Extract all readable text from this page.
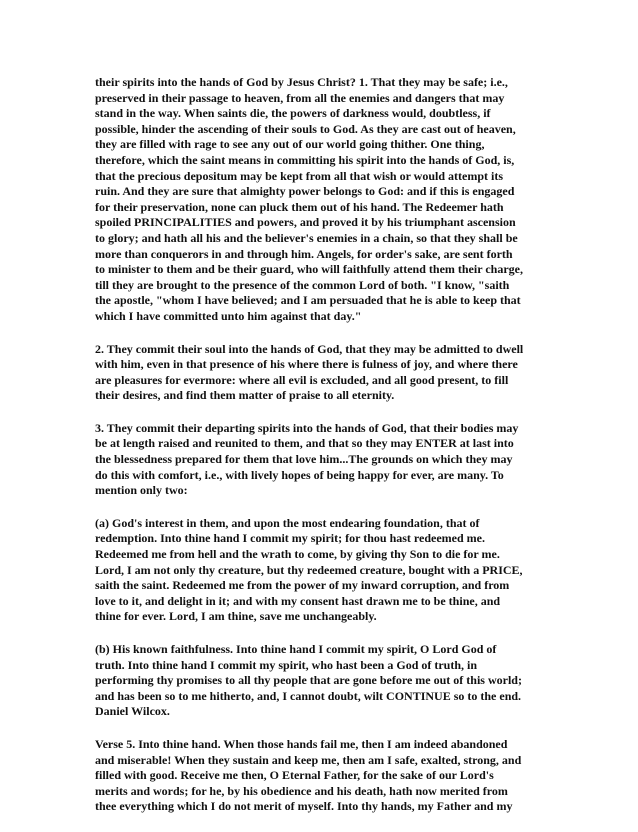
their spirits into the hands of God by Jesus Christ? 1. That they may be safe; i.e.,
preserved in their passage to heaven, from all the enemies and dangers that may
stand in the way. When saints die, the powers of darkness would, doubtless, if
possible, hinder the ascending of their souls to God. As they are cast out of heaven,
they are filled with rage to see any out of our world going thither. One thing,
therefore, which the saint means in committing his spirit into the hands of God, is,
that the precious depositum may be kept from all that wish or would attempt its
ruin. And they are sure that almighty power belongs to God: and if this is engaged
for their preservation, none can pluck them out of his hand. The Redeemer hath
spoiled PRINCIPALITIES and powers, and proved it by his triumphant ascension
to glory; and hath all his and the believer's enemies in a chain, so that they shall be
more than conquerors in and through him. Angels, for order's sake, are sent forth
to minister to them and be their guard, who will faithfully attend them their charge,
till they are brought to the presence of the common Lord of both. "I know, "saith
the apostle, "whom I have believed; and I am persuaded that he is able to keep that
which I have committed unto him against that day."

2. They commit their soul into the hands of God, that they may be admitted to dwell
with him, even in that presence of his where there is fulness of joy, and where there
are pleasures for evermore: where all evil is excluded, and all good present, to fill
their desires, and find them matter of praise to all eternity.

3. They commit their departing spirits into the hands of God, that their bodies may
be at length raised and reunited to them, and that so they may ENTER at last into
the blessedness prepared for them that love him...The grounds on which they may
do this with comfort, i.e., with lively hopes of being happy for ever, are many. To
mention only two:

(a) God's interest in them, and upon the most endearing foundation, that of
redemption. Into thine hand I commit my spirit; for thou hast redeemed me.
Redeemed me from hell and the wrath to come, by giving thy Son to die for me.
Lord, I am not only thy creature, but thy redeemed creature, bought with a PRICE,
saith the saint. Redeemed me from the power of my inward corruption, and from
love to it, and delight in it; and with my consent hast drawn me to be thine, and
thine for ever. Lord, I am thine, save me unchangeably.

(b) His known faithfulness. Into thine hand I commit my spirit, O Lord God of
truth. Into thine hand I commit my spirit, who hast been a God of truth, in
performing thy promises to all thy people that are gone before me out of this world;
and has been so to me hitherto, and, I cannot doubt, wilt CONTINUE so to the end.
Daniel Wilcox.

Verse 5. Into thine hand. When those hands fail me, then I am indeed abandoned
and miserable! When they sustain and keep me, then am I safe, exalted, strong, and
filled with good. Receive me then, O Eternal Father, for the sake of our Lord's
merits and words; for he, by his obedience and his death, hath now merited from
thee everything which I do not merit of myself. Into thy hands, my Father and my
